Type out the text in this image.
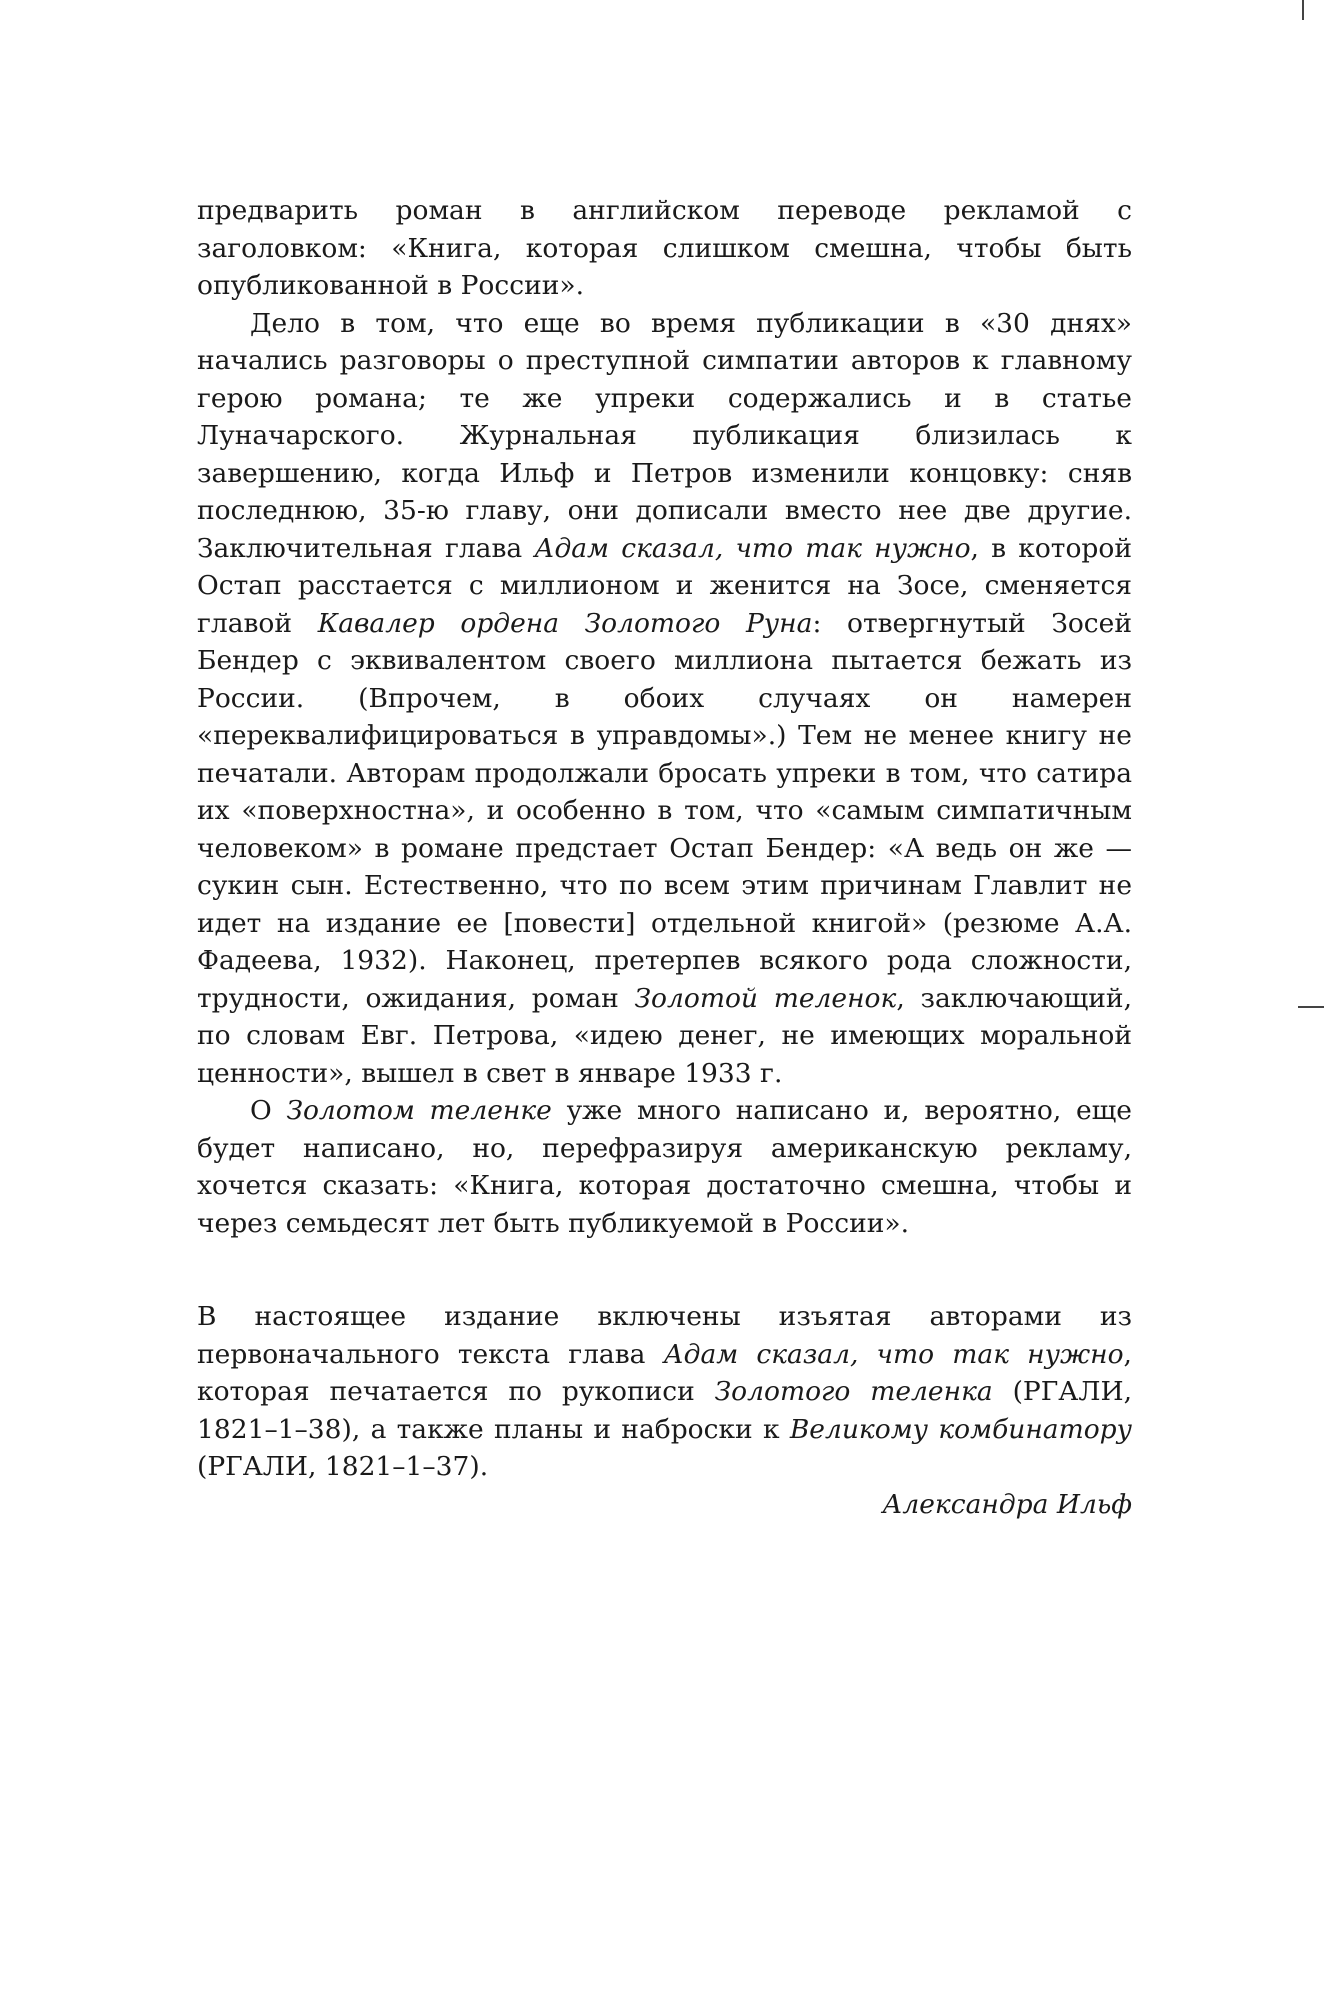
предварить роман в английском переводе рекламой с заголовком: «Книга, которая слишком смешна, чтобы быть опубликованной в России».

Дело в том, что еще во время публикации в «30 днях» начались разговоры о преступной симпатии авторов к главному герою романа; те же упреки содержались и в статье Луначарского. Журнальная публикация близилась к завершению, когда Ильф и Петров изменили концовку: сняв последнюю, 35-ю главу, они дописали вместо нее две другие. Заключительная глава Адам сказал, что так нужно, в которой Остап расстается с миллионом и женится на Зосе, сменяется главой Кавалер ордена Золотого Руна: отвергнутый Зосей Бендер с эквивалентом своего миллиона пытается бежать из России. (Впрочем, в обоих случаях он намерен «переквалифицироваться в управдомы».) Тем не менее книгу не печатали. Авторам продолжали бросать упреки в том, что сатира их «поверхностна», и особенно в том, что «самым симпатичным человеком» в романе предстает Остап Бендер: «А ведь он же — сукин сын. Естественно, что по всем этим причинам Главлит не идет на издание ее [повести] отдельной книгой» (резюме А.А. Фадеева, 1932). Наконец, претерпев всякого рода сложности, трудности, ожидания, роман Золотой теленок, заключающий, по словам Евг. Петрова, «идею денег, не имеющих моральной ценности», вышел в свет в январе 1933 г.

О Золотом теленке уже много написано и, вероятно, еще будет написано, но, перефразируя американскую рекламу, хочется сказать: «Книга, которая достаточно смешна, чтобы и через семьдесят лет быть публикуемой в России».

В настоящее издание включены изъятая авторами из первоначального текста глава Адам сказал, что так нужно, которая печатается по рукописи Золотого теленка (РГАЛИ, 1821–1–38), а также планы и наброски к Великому комбинатору (РГАЛИ, 1821–1–37).

Александра Ильф
